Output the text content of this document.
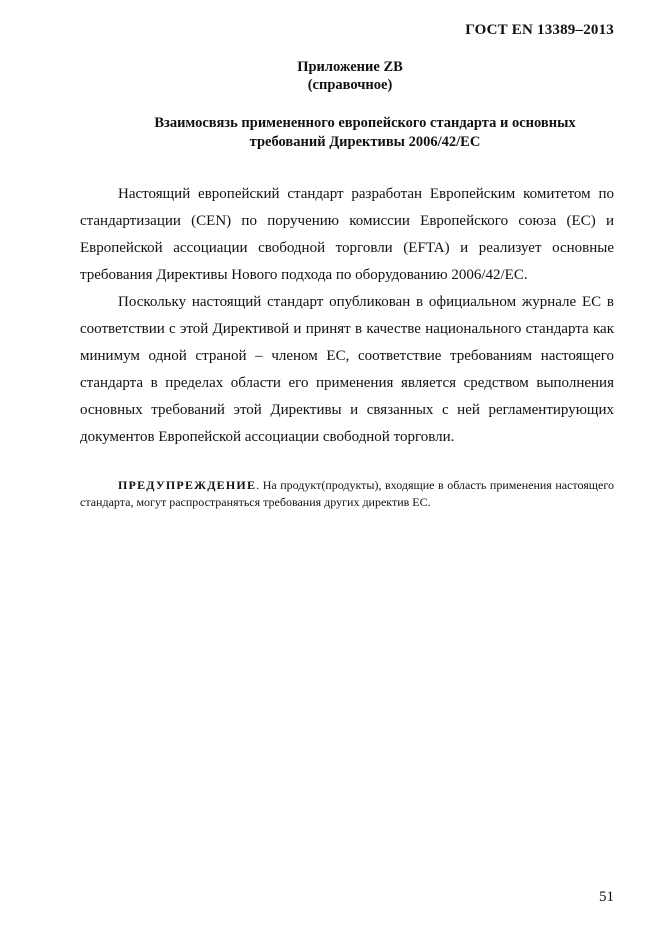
ГОСТ EN 13389–2013
Приложение ZB
(справочное)
Взаимосвязь примененного европейского стандарта и основных требований Директивы 2006/42/ЕС

Настоящий европейский стандарт разработан Европейским комитетом по стандартизации (CEN) по поручению комиссии Европейского союза (ЕС) и Европейской ассоциации свободной торговли (EFTA) и реализует основные требования Директивы Нового подхода по оборудованию 2006/42/ЕС.

Поскольку настоящий стандарт опубликован в официальном журнале ЕС в соответствии с этой Директивой и принят в качестве национального стандарта как минимум одной страной – членом ЕС, соответствие требованиям настоящего стандарта в пределах области его применения является средством выполнения основных требований этой Директивы и связанных с ней регламентирующих документов Европейской ассоциации свободной торговли.

ПРЕДУПРЕЖДЕНИЕ. На продукт(продукты), входящие в область применения настоящего стандарта, могут распространяться требования других директив ЕС.

51
